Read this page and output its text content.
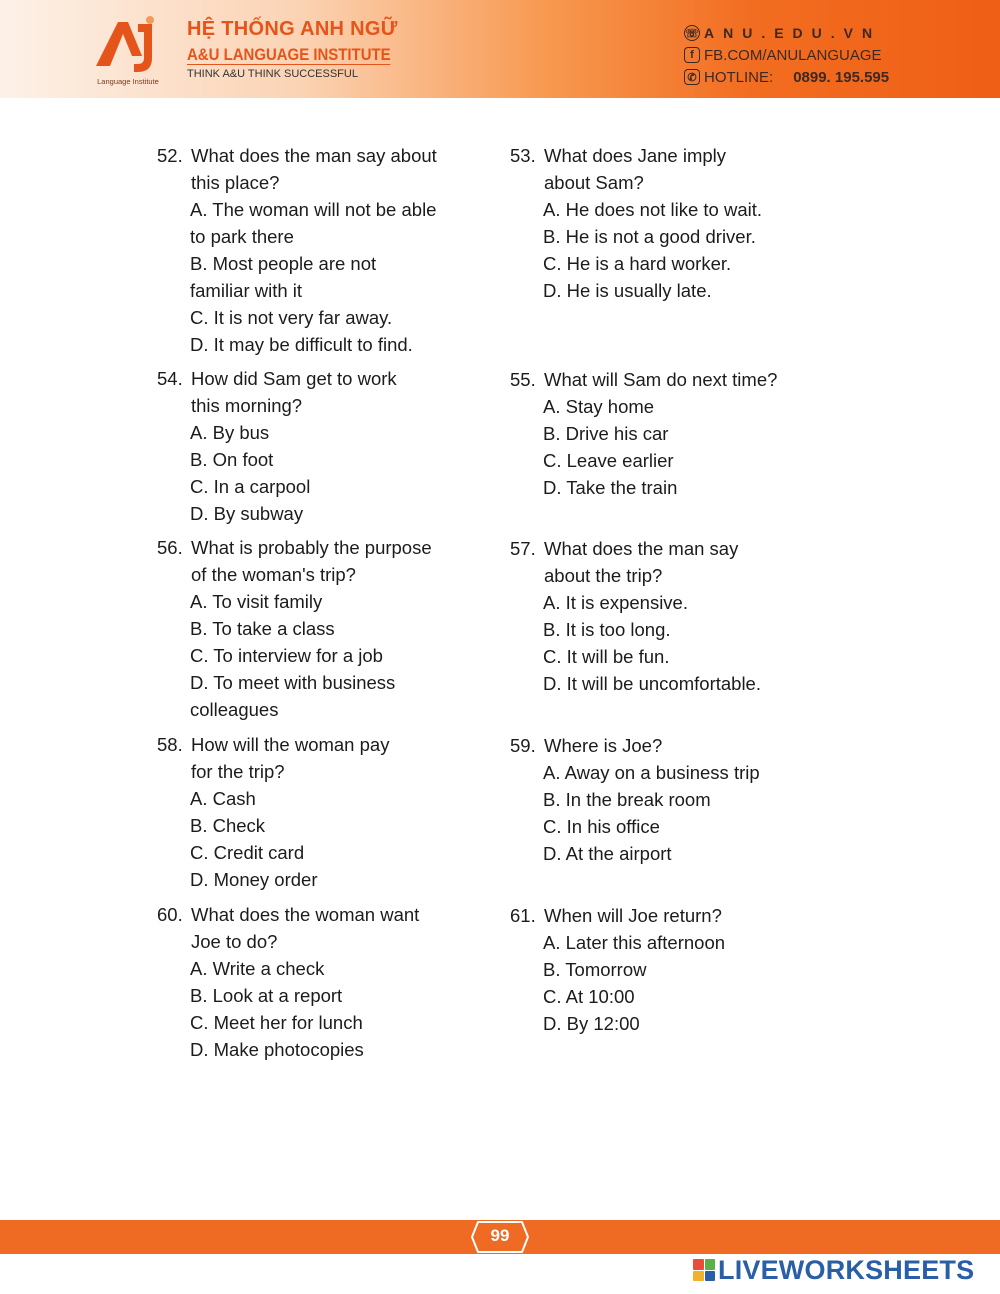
Language Institute
HỆ THỐNG ANH NGỮ
A&U LANGUAGE INSTITUTE
THINK A&U THINK SUCCESSFUL
☏ ANU.EDU.VN
f FB.COM/ANULANGUAGE
✆ HOTLINE: 0899. 195.595
52. What does the man say about
this place?
A. The woman will not be able
to park there
B. Most people are not
familiar with it
C. It is not very far away.
D. It may be difficult to find.
53. What does Jane imply
about Sam?
A. He does not like to wait.
B. He is not a good driver.
C. He is a hard worker.
D. He is usually late.
54. How did Sam get to work
this morning?
A. By bus
B. On foot
C. In a carpool
D. By subway
55. What will Sam do next time?
A. Stay home
B. Drive his car
C. Leave earlier
D. Take the train
56. What is probably the purpose
of the woman's trip?
A. To visit family
B. To take a class
C. To interview for a job
D. To meet with business
colleagues
57. What does the man say
about the trip?
A. It is expensive.
B. It is too long.
C. It will be fun.
D. It will be uncomfortable.
58. How will the woman pay
for the trip?
A. Cash
B. Check
C. Credit card
D. Money order
59. Where is Joe?
A. Away on a business trip
B. In the break room
C. In his office
D. At the airport
60. What does the woman want
Joe to do?
A. Write a check
B. Look at a report
C. Meet her for lunch
D. Make photocopies
61. When will Joe return?
A. Later this afternoon
B. Tomorrow
C. At 10:00
D. By 12:00
99
LIVEWORKSHEETS
